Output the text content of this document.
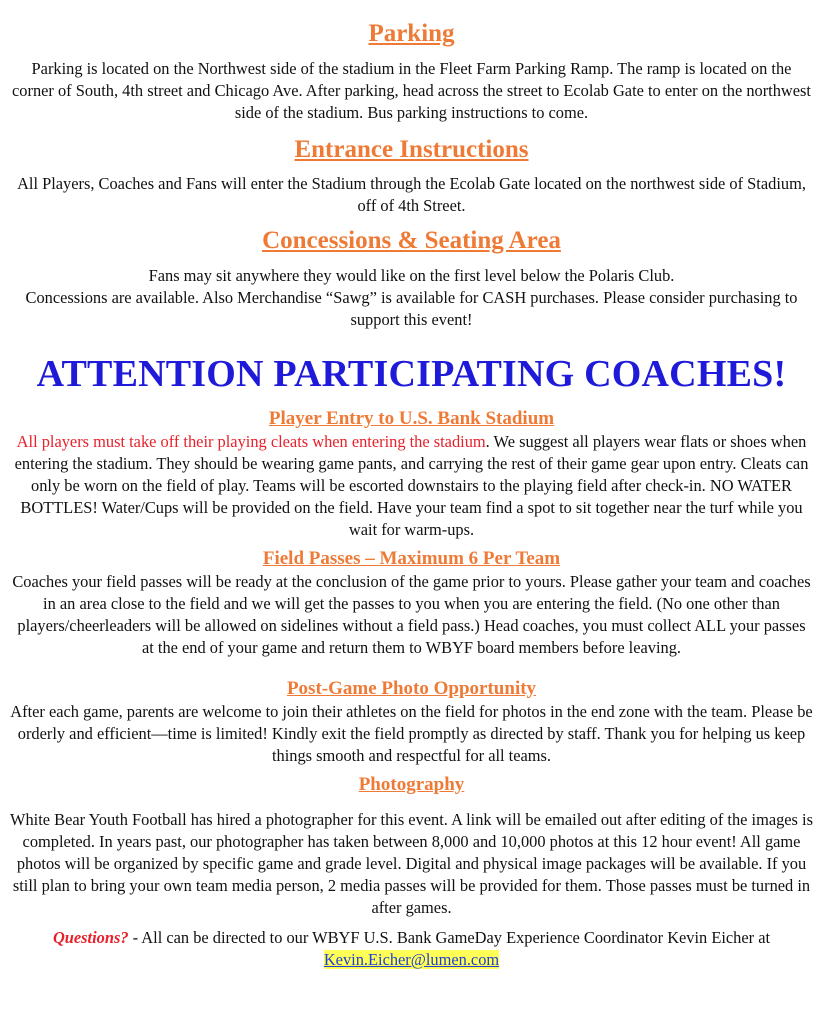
Parking

Parking is located on the Northwest side of the stadium in the Fleet Farm Parking Ramp. The ramp is located on the corner of South, 4th street and Chicago Ave. After parking, head across the street to Ecolab Gate to enter on the northwest side of the stadium. Bus parking instructions to come.

Entrance Instructions

All Players, Coaches and Fans will enter the Stadium through the Ecolab Gate located on the northwest side of Stadium, off of 4th Street.

Concessions & Seating Area

Fans may sit anywhere they would like on the first level below the Polaris Club.
Concessions are available. Also Merchandise “Sawg” is available for CASH purchases. Please consider purchasing to support this event!

ATTENTION PARTICIPATING COACHES!
Player Entry to U.S. Bank Stadium

All players must take off their playing cleats when entering the stadium. We suggest all players wear flats or shoes when entering the stadium. They should be wearing game pants, and carrying the rest of their game gear upon entry. Cleats can only be worn on the field of play. Teams will be escorted downstairs to the playing field after check-in. NO WATER BOTTLES! Water/Cups will be provided on the field. Have your team find a spot to sit together near the turf while you wait for warm-ups.

Field Passes – Maximum 6 Per Team

Coaches your field passes will be ready at the conclusion of the game prior to yours. Please gather your team and coaches in an area close to the field and we will get the passes to you when you are entering the field. (No one other than players/cheerleaders will be allowed on sidelines without a field pass.) Head coaches, you must collect ALL your passes at the end of your game and return them to WBYF board members before leaving.

Post-Game Photo Opportunity

After each game, parents are welcome to join their athletes on the field for photos in the end zone with the team. Please be orderly and efficient—time is limited! Kindly exit the field promptly as directed by staff. Thank you for helping us keep things smooth and respectful for all teams.

Photography

White Bear Youth Football has hired a photographer for this event. A link will be emailed out after editing of the images is completed. In years past, our photographer has taken between 8,000 and 10,000 photos at this 12 hour event! All game photos will be organized by specific game and grade level. Digital and physical image packages will be available. If you still plan to bring your own team media person, 2 media passes will be provided for them. Those passes must be turned in after games.

Questions? - All can be directed to our WBYF U.S. Bank GameDay Experience Coordinator Kevin Eicher at Kevin.Eicher@lumen.com
